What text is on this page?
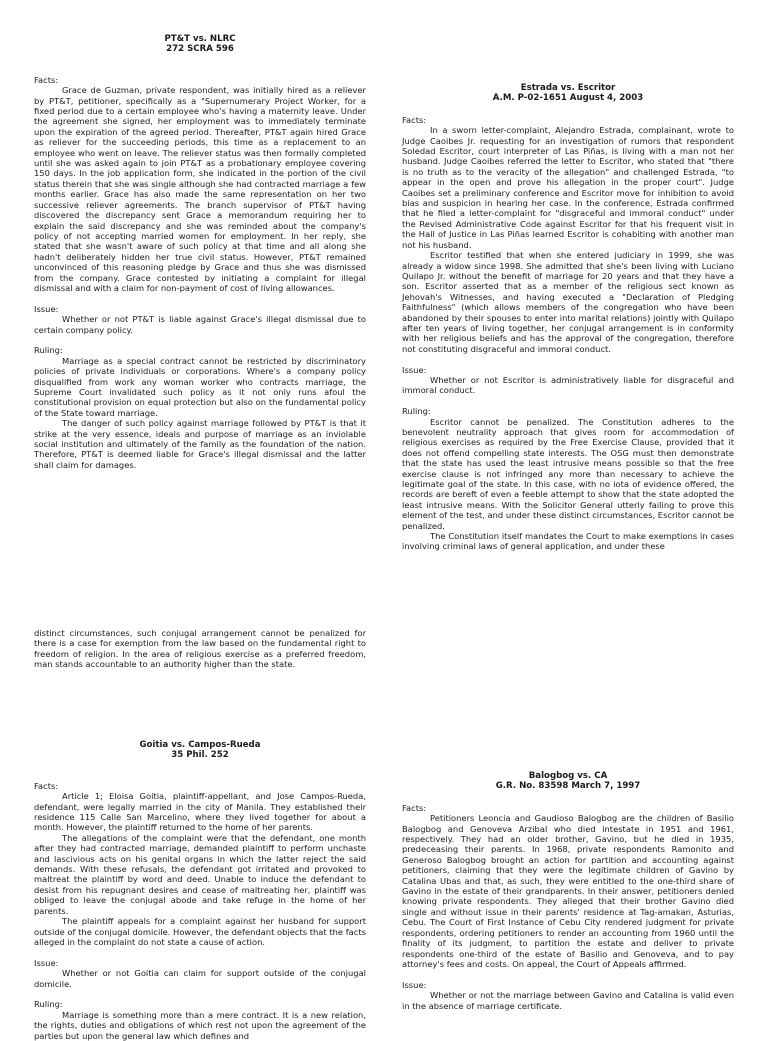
PT&T vs. NLRC
272 SCRA 596

Facts:

Grace de Guzman, private respondent, was initially hired as a reliever by PT&T, petitioner, specifically as a "Supernumerary Project Worker, for a fixed period due to a certain employee who's having a maternity leave. Under the agreement she signed, her employment was to immediately terminate upon the expiration of the agreed period. Thereafter, PT&T again hired Grace as reliever for the succeeding periods, this time as a replacement to an employee who went on leave. The reliever status was then formally completed until she was asked again to join PT&T as a probationary employee covering 150 days. In the job application form, she indicated in the portion of the civil status therein that she was single although she had contracted marriage a few months earlier. Grace has also made the same representation on her two successive reliever agreements. The branch supervisor of PT&T having discovered the discrepancy sent Grace a memorandum requiring her to explain the said discrepancy and she was reminded about the company's policy of not accepting married women for employment. In her reply, she stated that she wasn't aware of such policy at that time and all along she hadn't deliberately hidden her true civil status. However, PT&T remained unconvinced of this reasoning pledge by Grace and thus she was dismissed from the company. Grace contested by initiating a complaint for illegal dismissal and with a claim for non-payment of cost of living allowances.

Issue:

Whether or not PT&T is liable against Grace's illegal dismissal due to certain company policy.

Ruling:

Marriage as a special contract cannot be restricted by discriminatory policies of private individuals or corporations. Where's a company policy disqualified from work any woman worker who contracts marriage, the Supreme Court invalidated such policy as it not only runs afoul the constitutional provision on equal protection but also on the fundamental policy of the State toward marriage.

The danger of such policy against marriage followed by PT&T is that it strike at the very essence, ideals and purpose of marriage as an inviolable social institution and ultimately of the family as the foundation of the nation. Therefore, PT&T is deemed liable for Grace's illegal dismissal and the latter shall claim for damages.

Estrada vs. Escritor
A.M. P-02-1651 August 4, 2003

Facts:

In a sworn letter-complaint, Alejandro Estrada, complainant, wrote to Judge Caoibes Jr. requesting for an investigation of rumors that respondent Soledad Escritor, court interpreter of Las Piñas, is living with a man not her husband. Judge Caoibes referred the letter to Escritor, who stated that "there is no truth as to the veracity of the allegation" and challenged Estrada, "to appear in the open and prove his allegation in the proper court". Judge Caoibes set a preliminary conference and Escritor move for inhibition to avoid bias and suspicion in hearing her case. In the conference, Estrada confirmed that he filed a letter-complaint for "disgraceful and immoral conduct" under the Revised Administrative Code against Escritor for that his frequent visit in the Hall of Justice in Las Piñas learned Escritor is cohabiting with another man not his husband.

Escritor testified that when she entered judiciary in 1999, she was already a widow since 1998. She admitted that she's been living with Luciano Quilapo Jr. without the benefit of marriage for 20 years and that they have a son. Escritor asserted that as a member of the religious sect known as Jehovah's Witnesses, and having executed a "Declaration of Pledging Faithfulness" (which allows members of the congregation who have been abandoned by their spouses to enter into marital relations) jointly with Quilapo after ten years of living together, her conjugal arrangement is in conformity with her religious beliefs and has the approval of the congregation, therefore not constituting disgraceful and immoral conduct.

Issue:

Whether or not Escritor is administratively liable for disgraceful and immoral conduct.

Ruling:

Escritor cannot be penalized. The Constitution adheres to the benevolent neutrality approach that gives room for accommodation of religious exercises as required by the Free Exercise Clause, provided that it does not offend compelling state interests. The OSG must then demonstrate that the state has used the least intrusive means possible so that the free exercise clause is not infringed any more than necessary to achieve the legitimate goal of the state. In this case, with no iota of evidence offered, the records are bereft of even a feeble attempt to show that the state adopted the least intrusive means. With the Solicitor General utterly failing to prove this element of the test, and under these distinct circumstances, Escritor cannot be penalized.

The Constitution itself mandates the Court to make exemptions in cases involving criminal laws of general application, and under these

distinct circumstances, such conjugal arrangement cannot be penalized for there is a case for exemption from the law based on the fundamental right to freedom of religion. In the area of religious exercise as a preferred freedom, man stands accountable to an authority higher than the state.

Goitia vs. Campos-Rueda
35 Phil. 252

Facts:

Article 1; Eloisa Goitia, plaintiff-appellant, and Jose Campos-Rueda, defendant, were legally married in the city of Manila. They established their residence 115 Calle San Marcelino, where they lived together for about a month. However, the plaintiff returned to the home of her parents.

The allegations of the complaint were that the defendant, one month after they had contracted marriage, demanded plaintiff to perform unchaste and lascivious acts on his genital organs in which the latter reject the said demands. With these refusals, the defendant got irritated and provoked to maltreat the plaintiff by word and deed. Unable to induce the defendant to desist from his repugnant desires and cease of maltreating her, plaintiff was obliged to leave the conjugal abode and take refuge in the home of her parents.

The plaintiff appeals for a complaint against her husband for support outside of the conjugal domicile. However, the defendant objects that the facts alleged in the complaint do not state a cause of action.

Issue:

Whether or not Goitia can claim for support outside of the conjugal domicile.

Ruling:

Marriage is something more than a mere contract. It is a new relation, the rights, duties and obligations of which rest not upon the agreement of the parties but upon the general law which defines and

Balogbog vs. CA
G.R. No. 83598 March 7, 1997

Facts:

Petitioners Leoncia and Gaudioso Balogbog are the children of Basilio Balogbog and Genoveva Arzibal who died intestate in 1951 and 1961, respectively. They had an older brother, Gavino, but he died in 1935, predeceasing their parents. In 1968, private respondents Ramonito and Generoso Balogbog brought an action for partition and accounting against petitioners, claiming that they were the legitimate children of Gavino by Catalina Ubas and that, as such, they were entitled to the one-third share of Gavino in the estate of their grandparents. In their answer, petitioners denied knowing private respondents. They alleged that their brother Gavino died single and without issue in their parents' residence at Tag-amakan, Asturias, Cebu. The Court of First Instance of Cebu City rendered judgment for private respondents, ordering petitioners to render an accounting from 1960 until the finality of its judgment, to partition the estate and deliver to private respondents one-third of the estate of Basilio and Genoveva, and to pay attorney's fees and costs. On appeal, the Court of Appeals affirmed.

Issue:

Whether or not the marriage between Gavino and Catalina is valid even in the absence of marriage certificate.
